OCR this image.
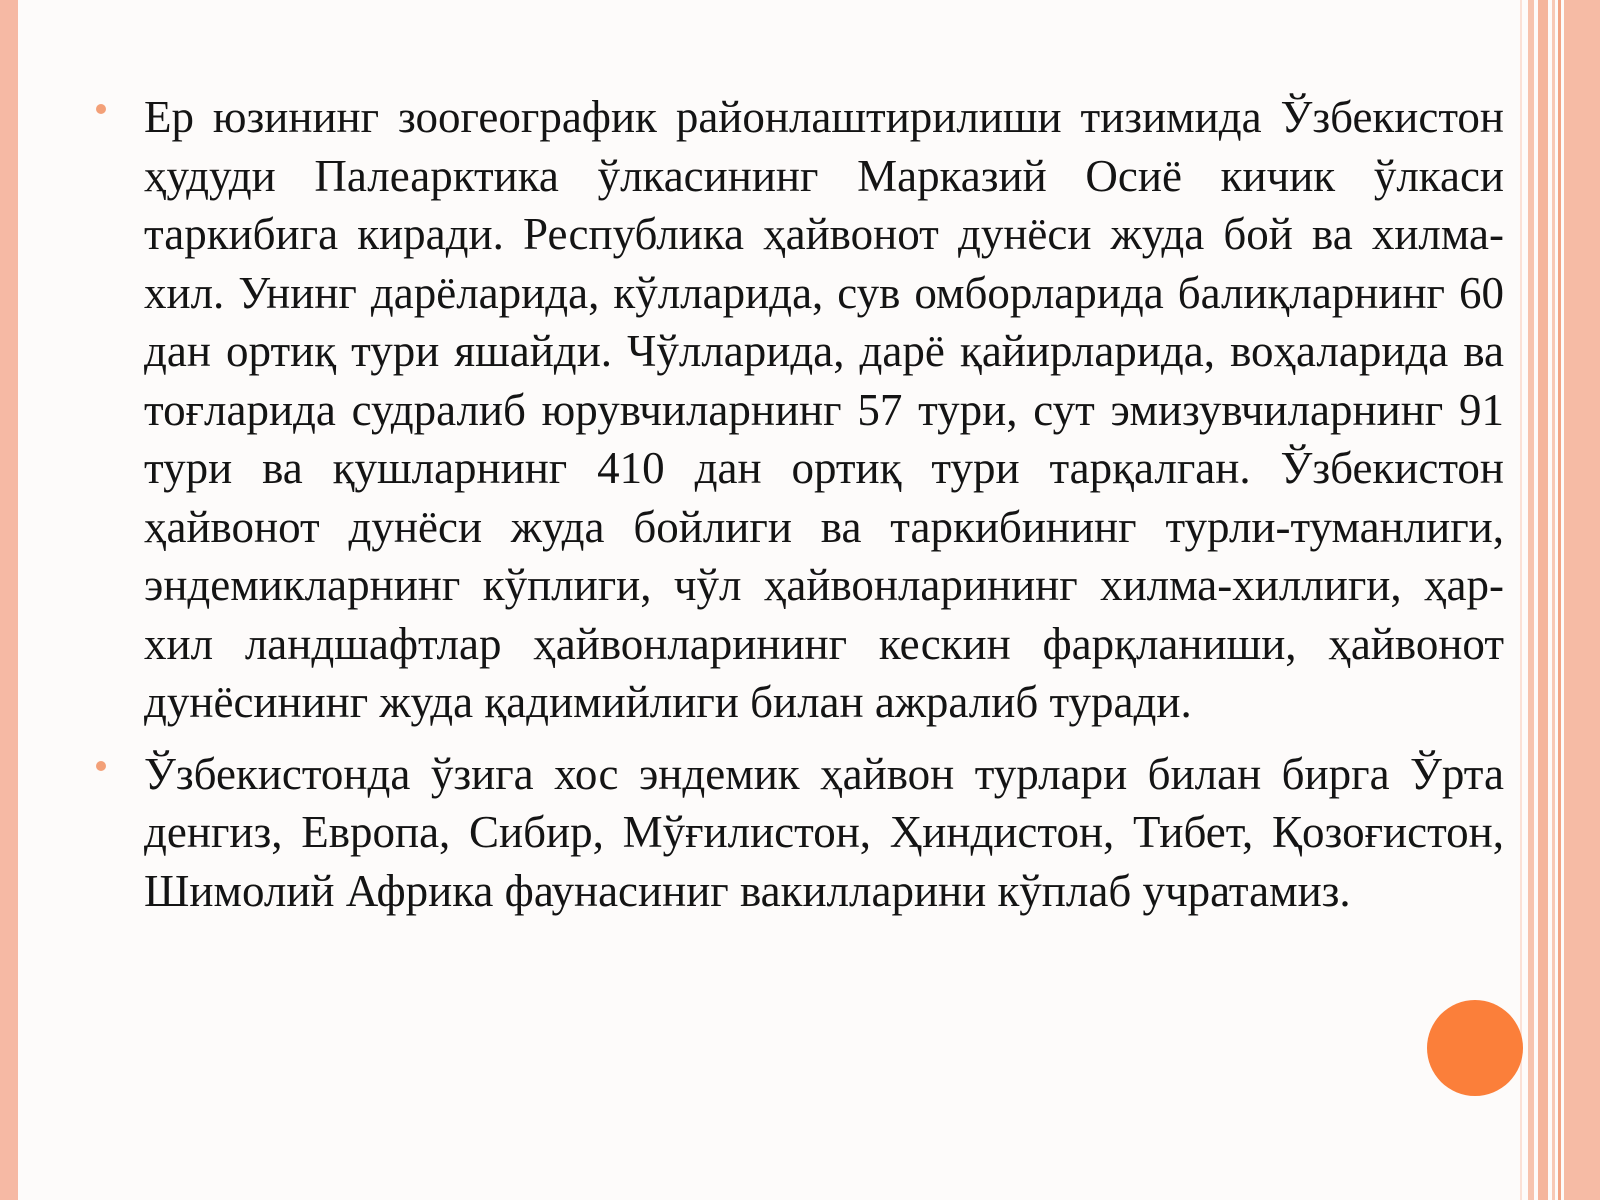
Ер юзининг зоогеографик районлаштирилиши тизимида Ўзбекистон ҳудуди Палеарктика ўлкасининг Марказий Осиё кичик ўлкаси таркибига киради. Республика ҳайвонот дунёси жуда бой ва хилма-хил. Унинг дарёларида, кўлларида, сув омборларида балиқларнинг 60 дан ортиқ тури яшайди. Чўлларида, дарё қайирларида, воҳаларида ва тоғларида судралиб юрувчиларнинг 57 тури, сут эмизувчиларнинг 91 тури ва қушларнинг 410 дан ортиқ тури тарқалган. Ўзбекистон ҳайвонот дунёси жуда бойлиги ва таркибининг турли-туманлиги, эндемикларнинг кўплиги, чўл ҳайвонларининг хилма-хиллиги, ҳар-хил ландшафтлар ҳайвонларининг кескин фарқланиши, ҳайвонот дунёсининг жуда қадимийлиги билан ажралиб туради.
Ўзбекистонда ўзига хос эндемик ҳайвон турлари билан бирга Ўрта денгиз, Европа, Сибир, Мўғилистон, Ҳиндистон, Тибет, Қозоғистон, Шимолий Африка фаунасиниг вакилларини кўплаб учратамиз.
